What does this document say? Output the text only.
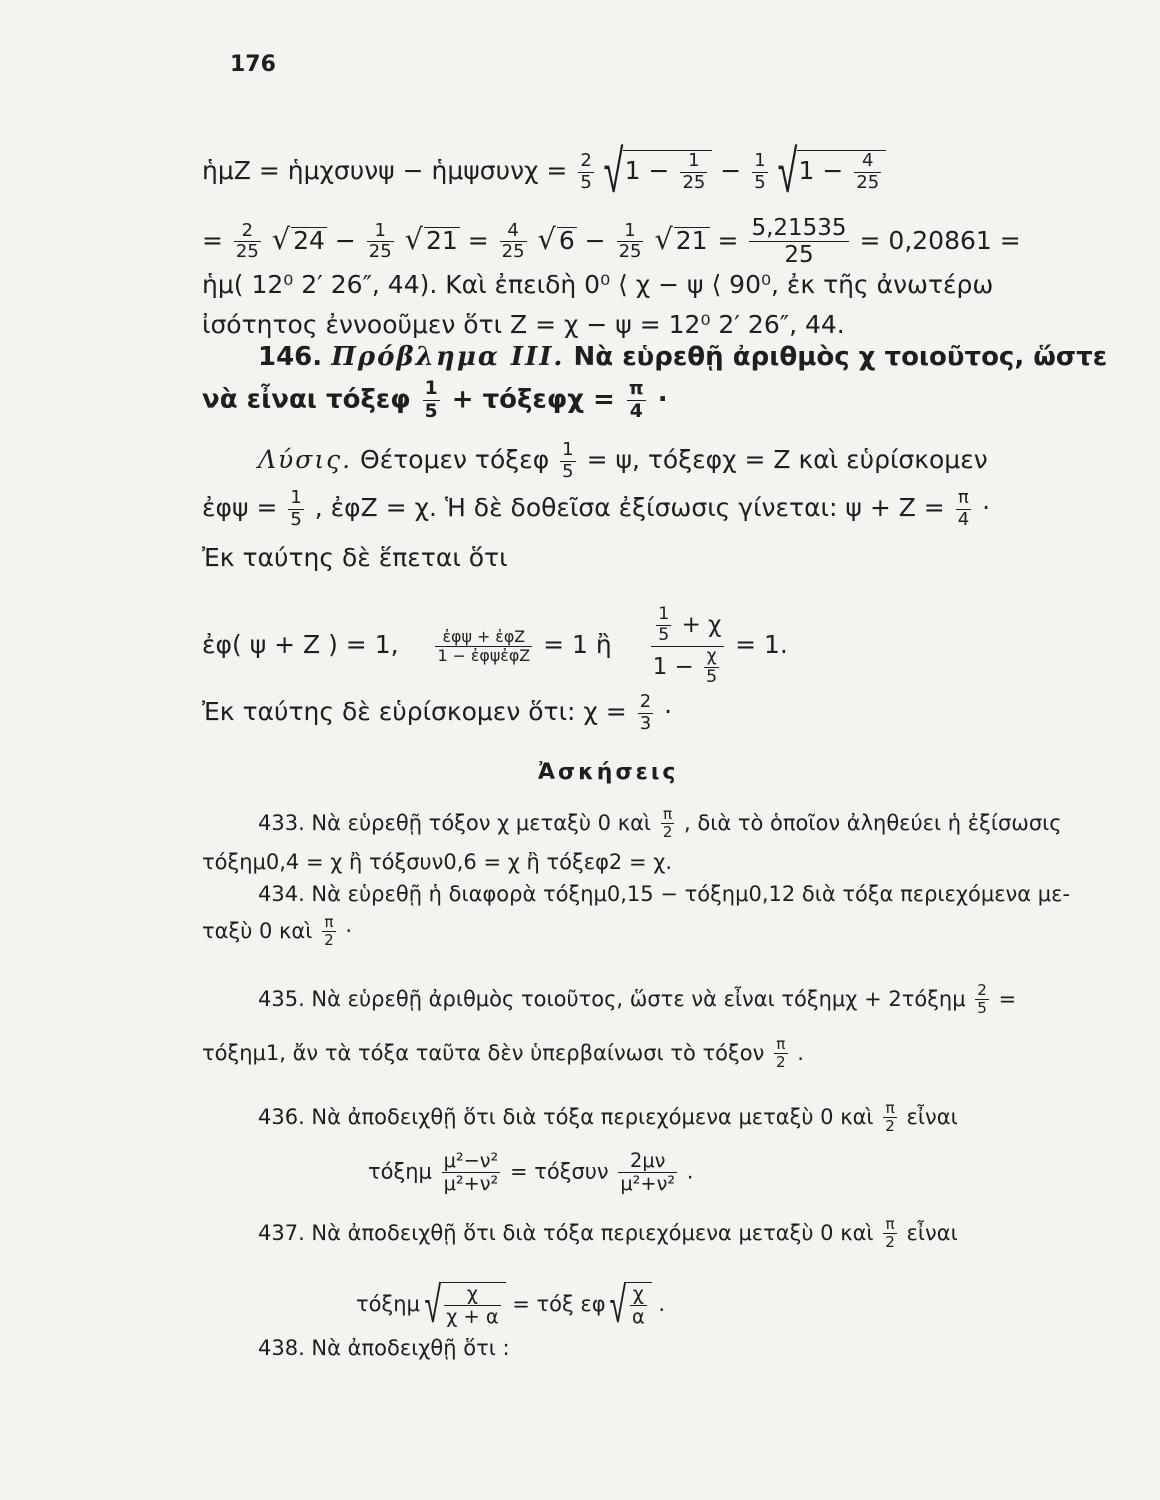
176
ἡμΖ = ἡμχσυνψ − ἡμψσυνχ = $\frac{2}{5} √1 - \frac{1}{25} - \frac{1}{5} √1 - \frac{4}{25}$
= $\frac{2}{25}$ √ $24 - \frac{1}{25}$ √ $21 = \frac{4}{25}$ √ $6 - \frac{1}{25}$ √ $21 = \frac{5,21535}{25} = 0,20861$ =
ἡμ( 12⁰ 2′ 26″, 44). Καὶ ἐπειδὴ 0⁰ ⟨ χ − ψ ⟨ 90⁰, ἐκ τῆς ἀνωτέρω
ἰσότητος ἐννοοῦμεν ὅτι Ζ = χ − ψ = 12⁰ 2′ 26″, 44.
146. Πρόβλημα ΙΙΙ. Νὰ εὑρεθῇ ἀριθμὸς χ τοιοῦτος, ὥστε
νὰ εἶναι τόξεφ $\frac{1}{5} + \tau ό\xi\varepsilon\varphi\chi = \frac{\pi}{4}$ ·
Λύσις. Θέτομεν τόξεφ $\frac{1}{5} = \psi$, τόξεφχ = Ζ καὶ εὑρίσκομεν
ἐφψ = $\frac{1}{5}$ , ἐφΖ = χ. Ἡ δὲ δοθεῖσα ἐξίσωσις γίνεται: $\psi + Z = \frac{\pi}{4}$ ·
Ἐκ ταύτης δὲ ἕπεται ὅτι
ἐφ( ψ + Ζ ) = 1, $\frac{\text{ἐφψ + ἐφΖ}}{\text{1 − ἐφψἐφΖ}} = 1$ ἢ $\frac{\frac{1}{5} + \chi}{1 - \frac{\chi}{5}} = 1$.
Ἐκ ταύτης δὲ εὑρίσκομεν ὅτι: $\chi = \frac{2}{3}$ ·
Ἀσκήσεις
433. Νὰ εὑρεθῇ τόξον χ μεταξὺ 0 καὶ $\frac{\pi}{2}$ , διὰ τὸ ὁποῖον ἀληθεύει ἡ ἐξίσωσις
τόξημ0,4 = χ ἢ τόξσυν0,6 = χ ἢ τόξεφ2 = χ.
434. Νὰ εὑρεθῇ ἡ διαφορὰ τόξημ0,15 − τόξημ0,12 διὰ τόξα περιεχόμενα με-
ταξὺ 0 καὶ $\frac{\pi}{2}$ ·
435. Νὰ εὑρεθῇ ἀριθμὸς τοιοῦτος, ὥστε νὰ εἶναι $\tau ό\xi\eta\mu\chi + 2\tau ό\xi\eta\mu \frac{2}{5}$ =
τόξημ1, ἄν τὰ τόξα ταῦτα δὲν ὑπερβαίνωσι τὸ τόξον $\frac{\pi}{2}$ .
436. Νὰ ἀποδειχθῇ ὅτι διὰ τόξα περιεχόμενα μεταξὺ 0 καὶ $\frac{\pi}{2}$ εἶναι
τόξημ $\frac{\text{μ²−ν²}}{\text{μ²+ν²}} = \tau ό\xi\sigma\upsilon\nu \frac{2\mu\nu}{\text{μ²+ν²}}$ .
437. Νὰ ἀποδειχθῇ ὅτι διὰ τόξα περιεχόμενα μεταξὺ 0 καὶ $\frac{\pi}{2}$ εἶναι
τόξημ √ $\frac{\chi}{\chi + \alpha} = \tau ό\xi$ εφ √ $\frac{\chi}{\alpha}$ .
438. Νὰ ἀποδειχθῇ ὅτι :
